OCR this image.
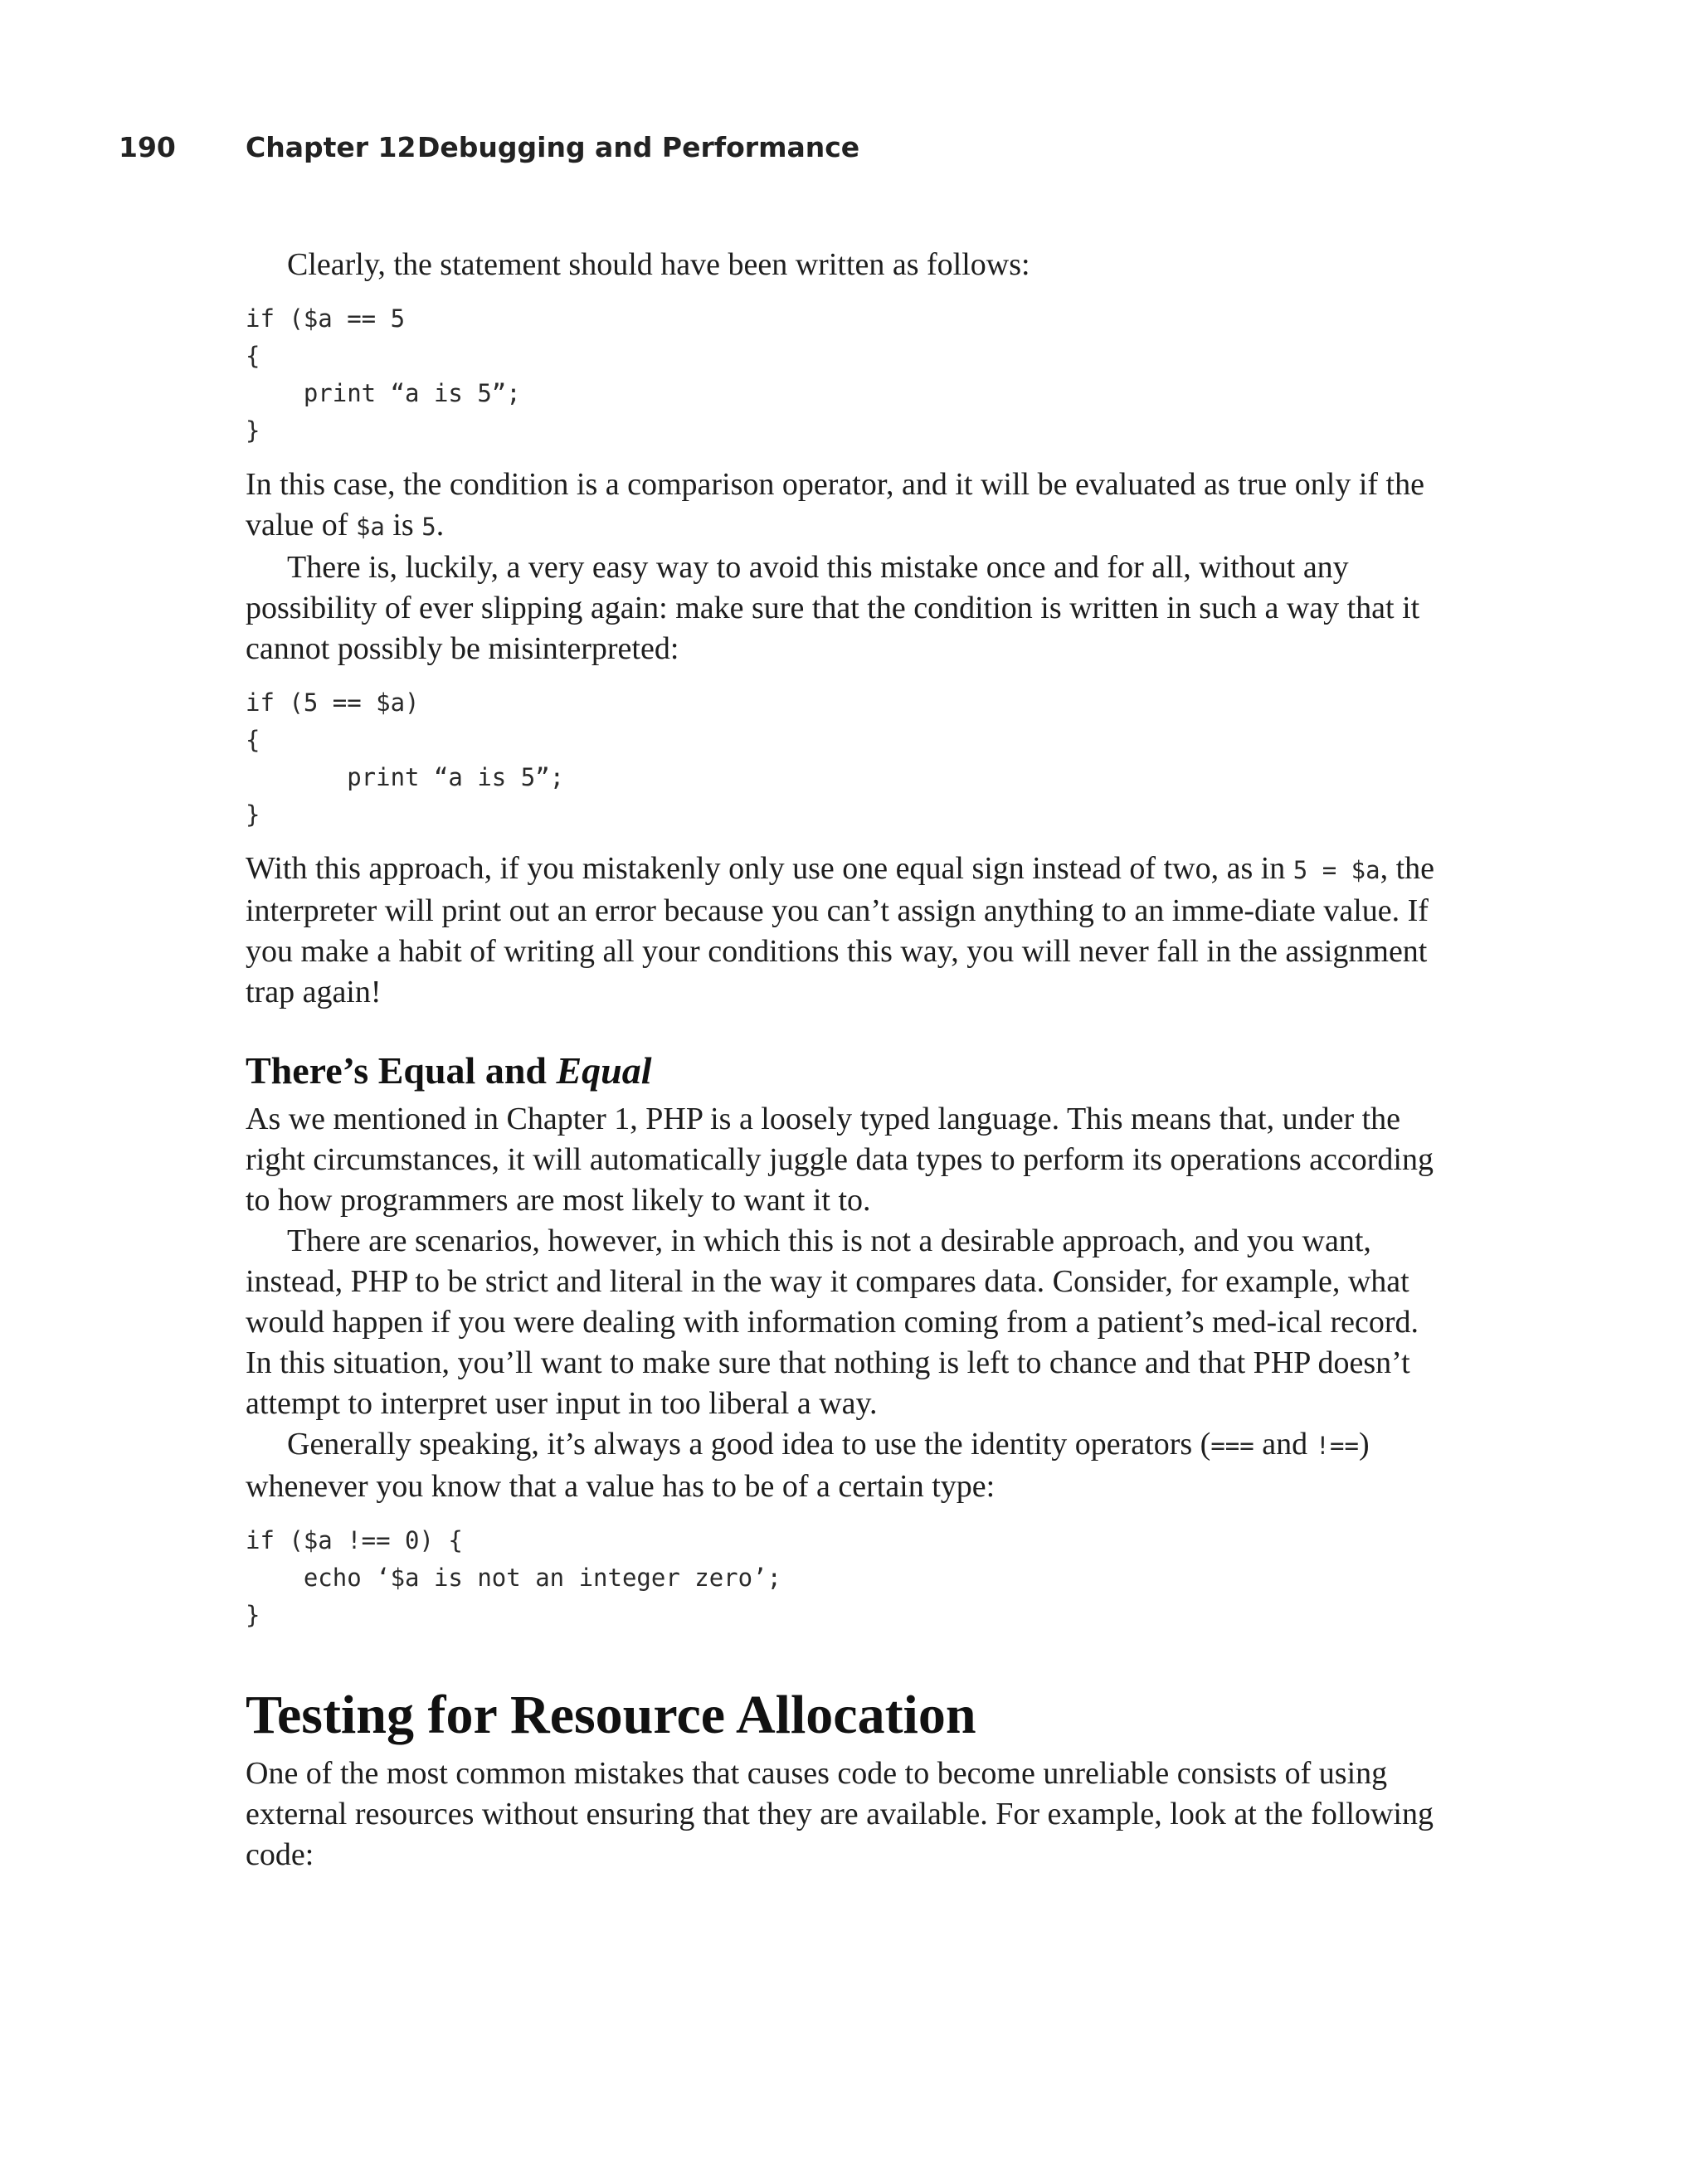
190	Chapter 12 Debugging and Performance

Clearly, the statement should have been written as follows:

if ($a == 5
{
print “a is 5”;
}

In this case, the condition is a comparison operator, and it will be evaluated as true only if the value of $a is 5.

There is, luckily, a very easy way to avoid this mistake once and for all, without any possibility of ever slipping again: make sure that the condition is written in such a way that it cannot possibly be misinterpreted:

if (5 == $a)
{
print “a is 5”;
}

With this approach, if you mistakenly only use one equal sign instead of two, as in 5 = $a, the interpreter will print out an error because you can’t assign anything to an imme-diate value. If you make a habit of writing all your conditions this way, you will never fall in the assignment trap again!

There’s Equal and Equal

As we mentioned in Chapter 1, PHP is a loosely typed language. This means that, under the right circumstances, it will automatically juggle data types to perform its operations according to how programmers are most likely to want it to.

There are scenarios, however, in which this is not a desirable approach, and you want, instead, PHP to be strict and literal in the way it compares data. Consider, for example, what would happen if you were dealing with information coming from a patient’s med-ical record. In this situation, you’ll want to make sure that nothing is left to chance and that PHP doesn’t attempt to interpret user input in too liberal a way.

Generally speaking, it’s always a good idea to use the identity operators (=== and !==) whenever you know that a value has to be of a certain type:

if ($a !== 0) {
echo ‘$a is not an integer zero’;
}
Testing for Resource Allocation

One of the most common mistakes that causes code to become unreliable consists of using external resources without ensuring that they are available. For example, look at the following code:
